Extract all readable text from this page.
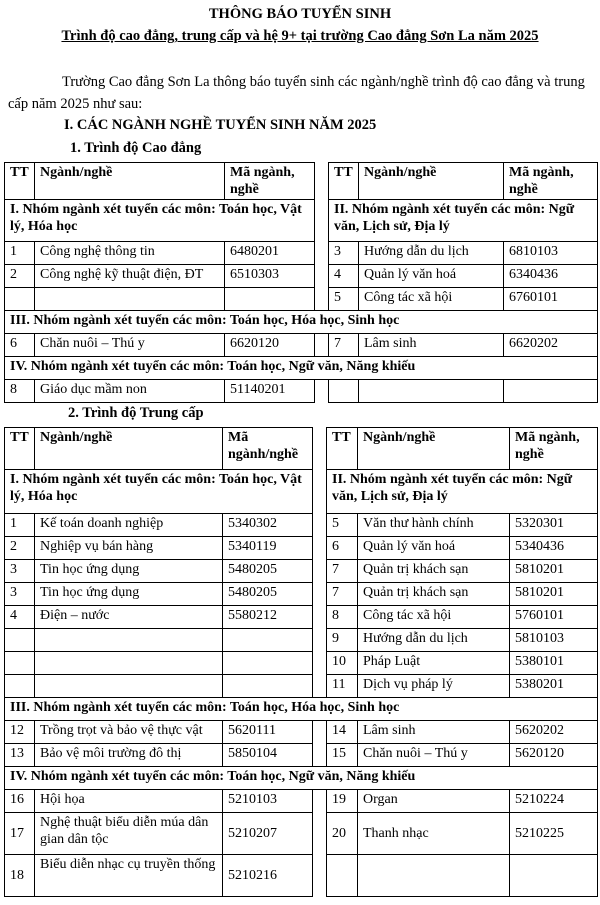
THÔNG BÁO TUYỂN SINH
Trình độ cao đẳng, trung cấp và hệ 9+ tại trường Cao đẳng Sơn La năm 2025
Trường Cao đẳng Sơn La thông báo tuyển sinh các ngành/nghề trình độ cao đẳng và trung cấp năm 2025 như sau:
I. CÁC NGÀNH NGHỀ TUYỂN SINH NĂM 2025
1. Trình độ Cao đẳng
TT	Ngành/nghề	Mã ngành, nghề		TT	Ngành/nghề	Mã ngành, nghề
I. Nhóm ngành xét tuyển các môn: Toán học, Vật lý, Hóa học				II. Nhóm ngành xét tuyển các môn: Ngữ văn, Lịch sử, Địa lý		
1	Công nghệ thông tin	6480201		3	Hướng dẫn du lịch	6810103
2	Công nghệ kỹ thuật điện, ĐT	6510303		4	Quản lý văn hoá	6340436
				5	Công tác xã hội	6760101
III. Nhóm ngành xét tuyển các môn: Toán học, Hóa học, Sinh học						
6	Chăn nuôi – Thú y	6620120		7	Lâm sinh	6620202
IV. Nhóm ngành xét tuyển các môn: Toán học, Ngữ văn, Năng khiếu						
8	Giáo dục mầm non	51140201				
2. Trình độ Trung cấp
TT	Ngành/nghề	Mã ngành/nghề		TT	Ngành/nghề	Mã ngành, nghề
I. Nhóm ngành xét tuyển các môn: Toán học, Vật lý, Hóa học				II. Nhóm ngành xét tuyển các môn: Ngữ văn, Lịch sử, Địa lý		
1	Kế toán doanh nghiệp	5340302		5	Văn thư hành chính	5320301
2	Nghiệp vụ bán hàng	5340119		6	Quản lý văn hoá	5340436
3	Tin học ứng dụng	5480205		7	Quản trị khách sạn	5810201
3	Tin học ứng dụng	5480205		7	Quản trị khách sạn	5810201
4	Điện – nước	5580212		8	Công tác xã hội	5760101
				9	Hướng dẫn du lịch	5810103
				10	Pháp Luật	5380101
				11	Dịch vụ pháp lý	5380201
III. Nhóm ngành xét tuyển các môn: Toán học, Hóa học, Sinh học						
12	Trồng trọt và bảo vệ thực vật	5620111		14	Lâm sinh	5620202
13	Bảo vệ môi trường đô thị	5850104		15	Chăn nuôi – Thú y	5620120
IV. Nhóm ngành xét tuyển các môn: Toán học, Ngữ văn, Năng khiếu						
16	Hội họa	5210103		19	Organ	5210224
17	Nghệ thuật biểu diễn múa dân gian dân tộc	5210207		20	Thanh nhạc	5210225
18	Biểu diễn nhạc cụ truyền thống	5210216				
